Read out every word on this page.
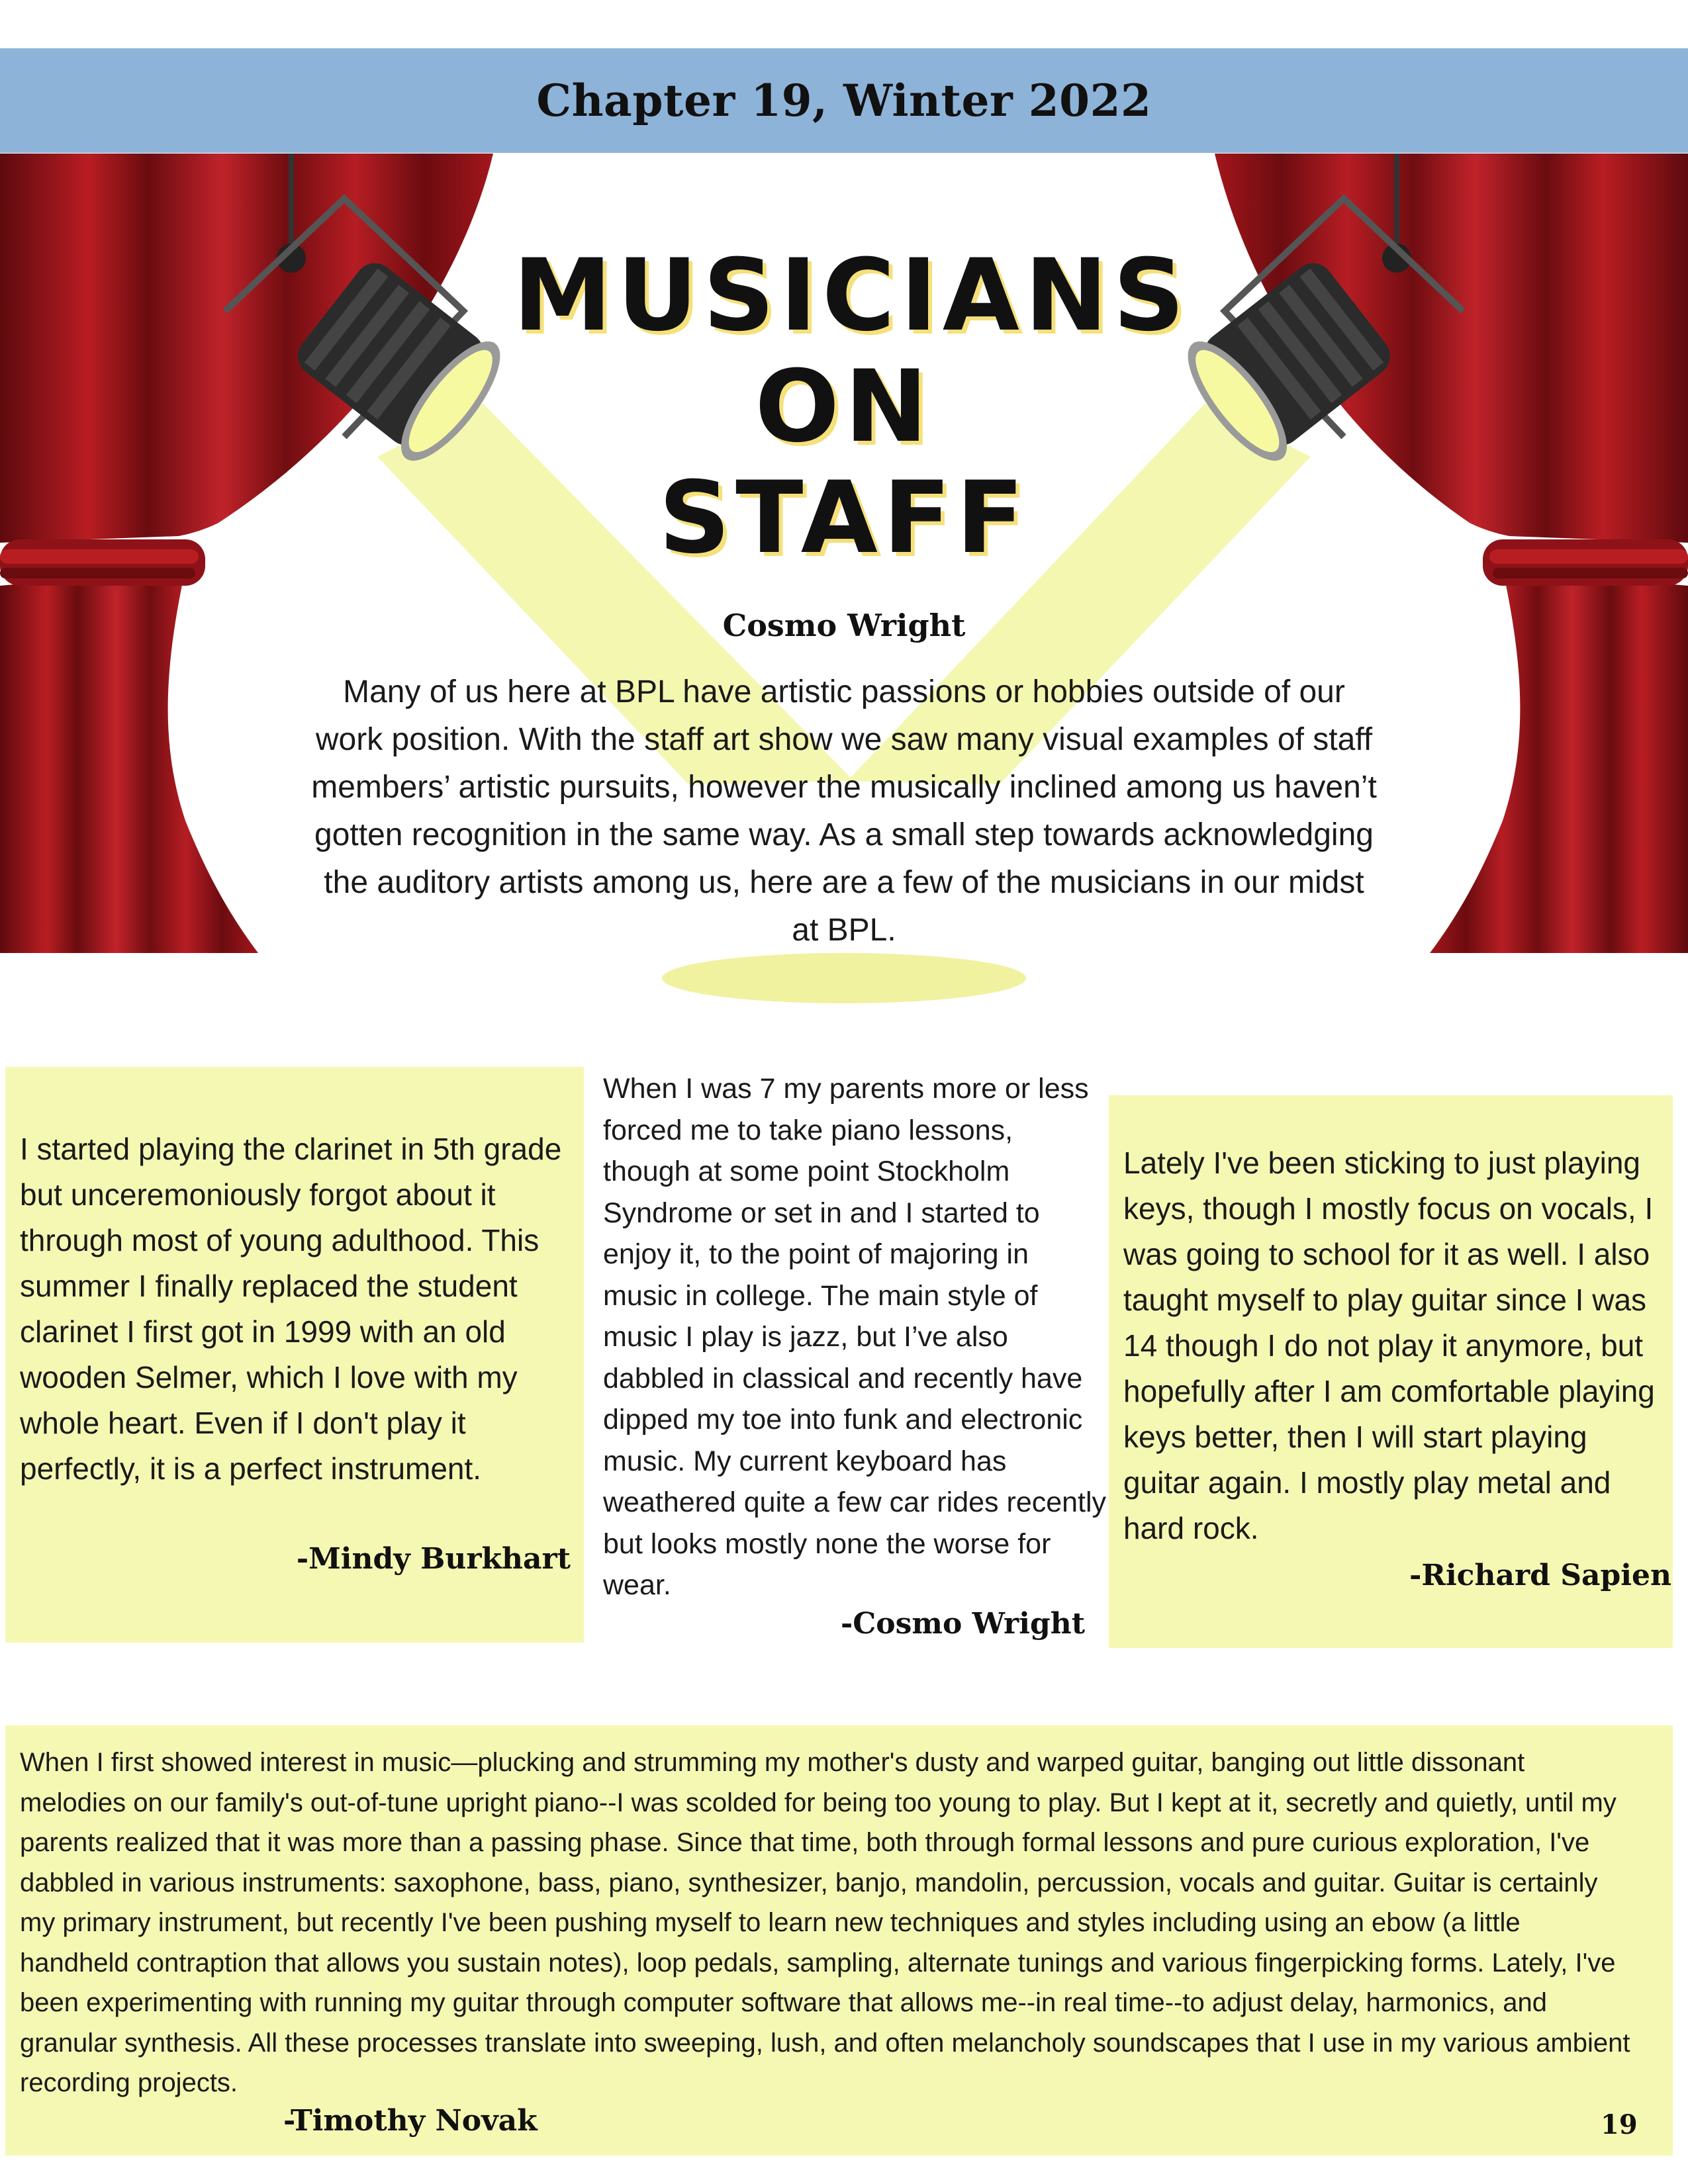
Chapter 19, Winter 2022
MUSICIANS
ON
STAFF
Cosmo Wright
Many of us here at BPL have artistic passions or hobbies outside of our work position. With the staff art show we saw many visual examples of staff members’ artistic pursuits, however the musically inclined among us haven’t gotten recognition in the same way. As a small step towards acknowledging the auditory artists among us, here are a few of the musicians in our midst at BPL.
I started playing the clarinet in 5th grade but unceremoniously forgot about it through most of young adulthood. This summer I finally replaced the student clarinet I first got in 1999 with an old wooden Selmer, which I love with my whole heart. Even if I don't play it perfectly, it is a perfect instrument.
-Mindy Burkhart
When I was 7 my parents more or less forced me to take piano lessons, though at some point Stockholm Syndrome or set in and I started to enjoy it, to the point of majoring in music in college. The main style of music I play is jazz, but I’ve also dabbled in classical and recently have dipped my toe into funk and electronic music. My current keyboard has weathered quite a few car rides recently but looks mostly none the worse for wear.
-Cosmo Wright
Lately I've been sticking to just playing keys, though I mostly focus on vocals, I was going to school for it as well. I also taught myself to play guitar since I was 14 though I do not play it anymore, but hopefully after I am comfortable playing keys better, then I will start playing guitar again. I mostly play metal and hard rock.
-Richard Sapien
When I first showed interest in music—plucking and strumming my mother's dusty and warped guitar, banging out little dissonant melodies on our family's out-of-tune upright piano--I was scolded for being too young to play. But I kept at it, secretly and quietly, until my parents realized that it was more than a passing phase. Since that time, both through formal lessons and pure curious exploration, I've dabbled in various instruments: saxophone, bass, piano, synthesizer, banjo, mandolin, percussion, vocals and guitar. Guitar is certainly my primary instrument, but recently I've been pushing myself to learn new techniques and styles including using an ebow (a little handheld contraption that allows you sustain notes), loop pedals, sampling, alternate tunings and various fingerpicking forms. Lately, I've been experimenting with running my guitar through computer software that allows me--in real time--to adjust delay, harmonics, and granular synthesis. All these processes translate into sweeping, lush, and often melancholy soundscapes that I use in my various ambient recording projects.
-Timothy Novak	19
